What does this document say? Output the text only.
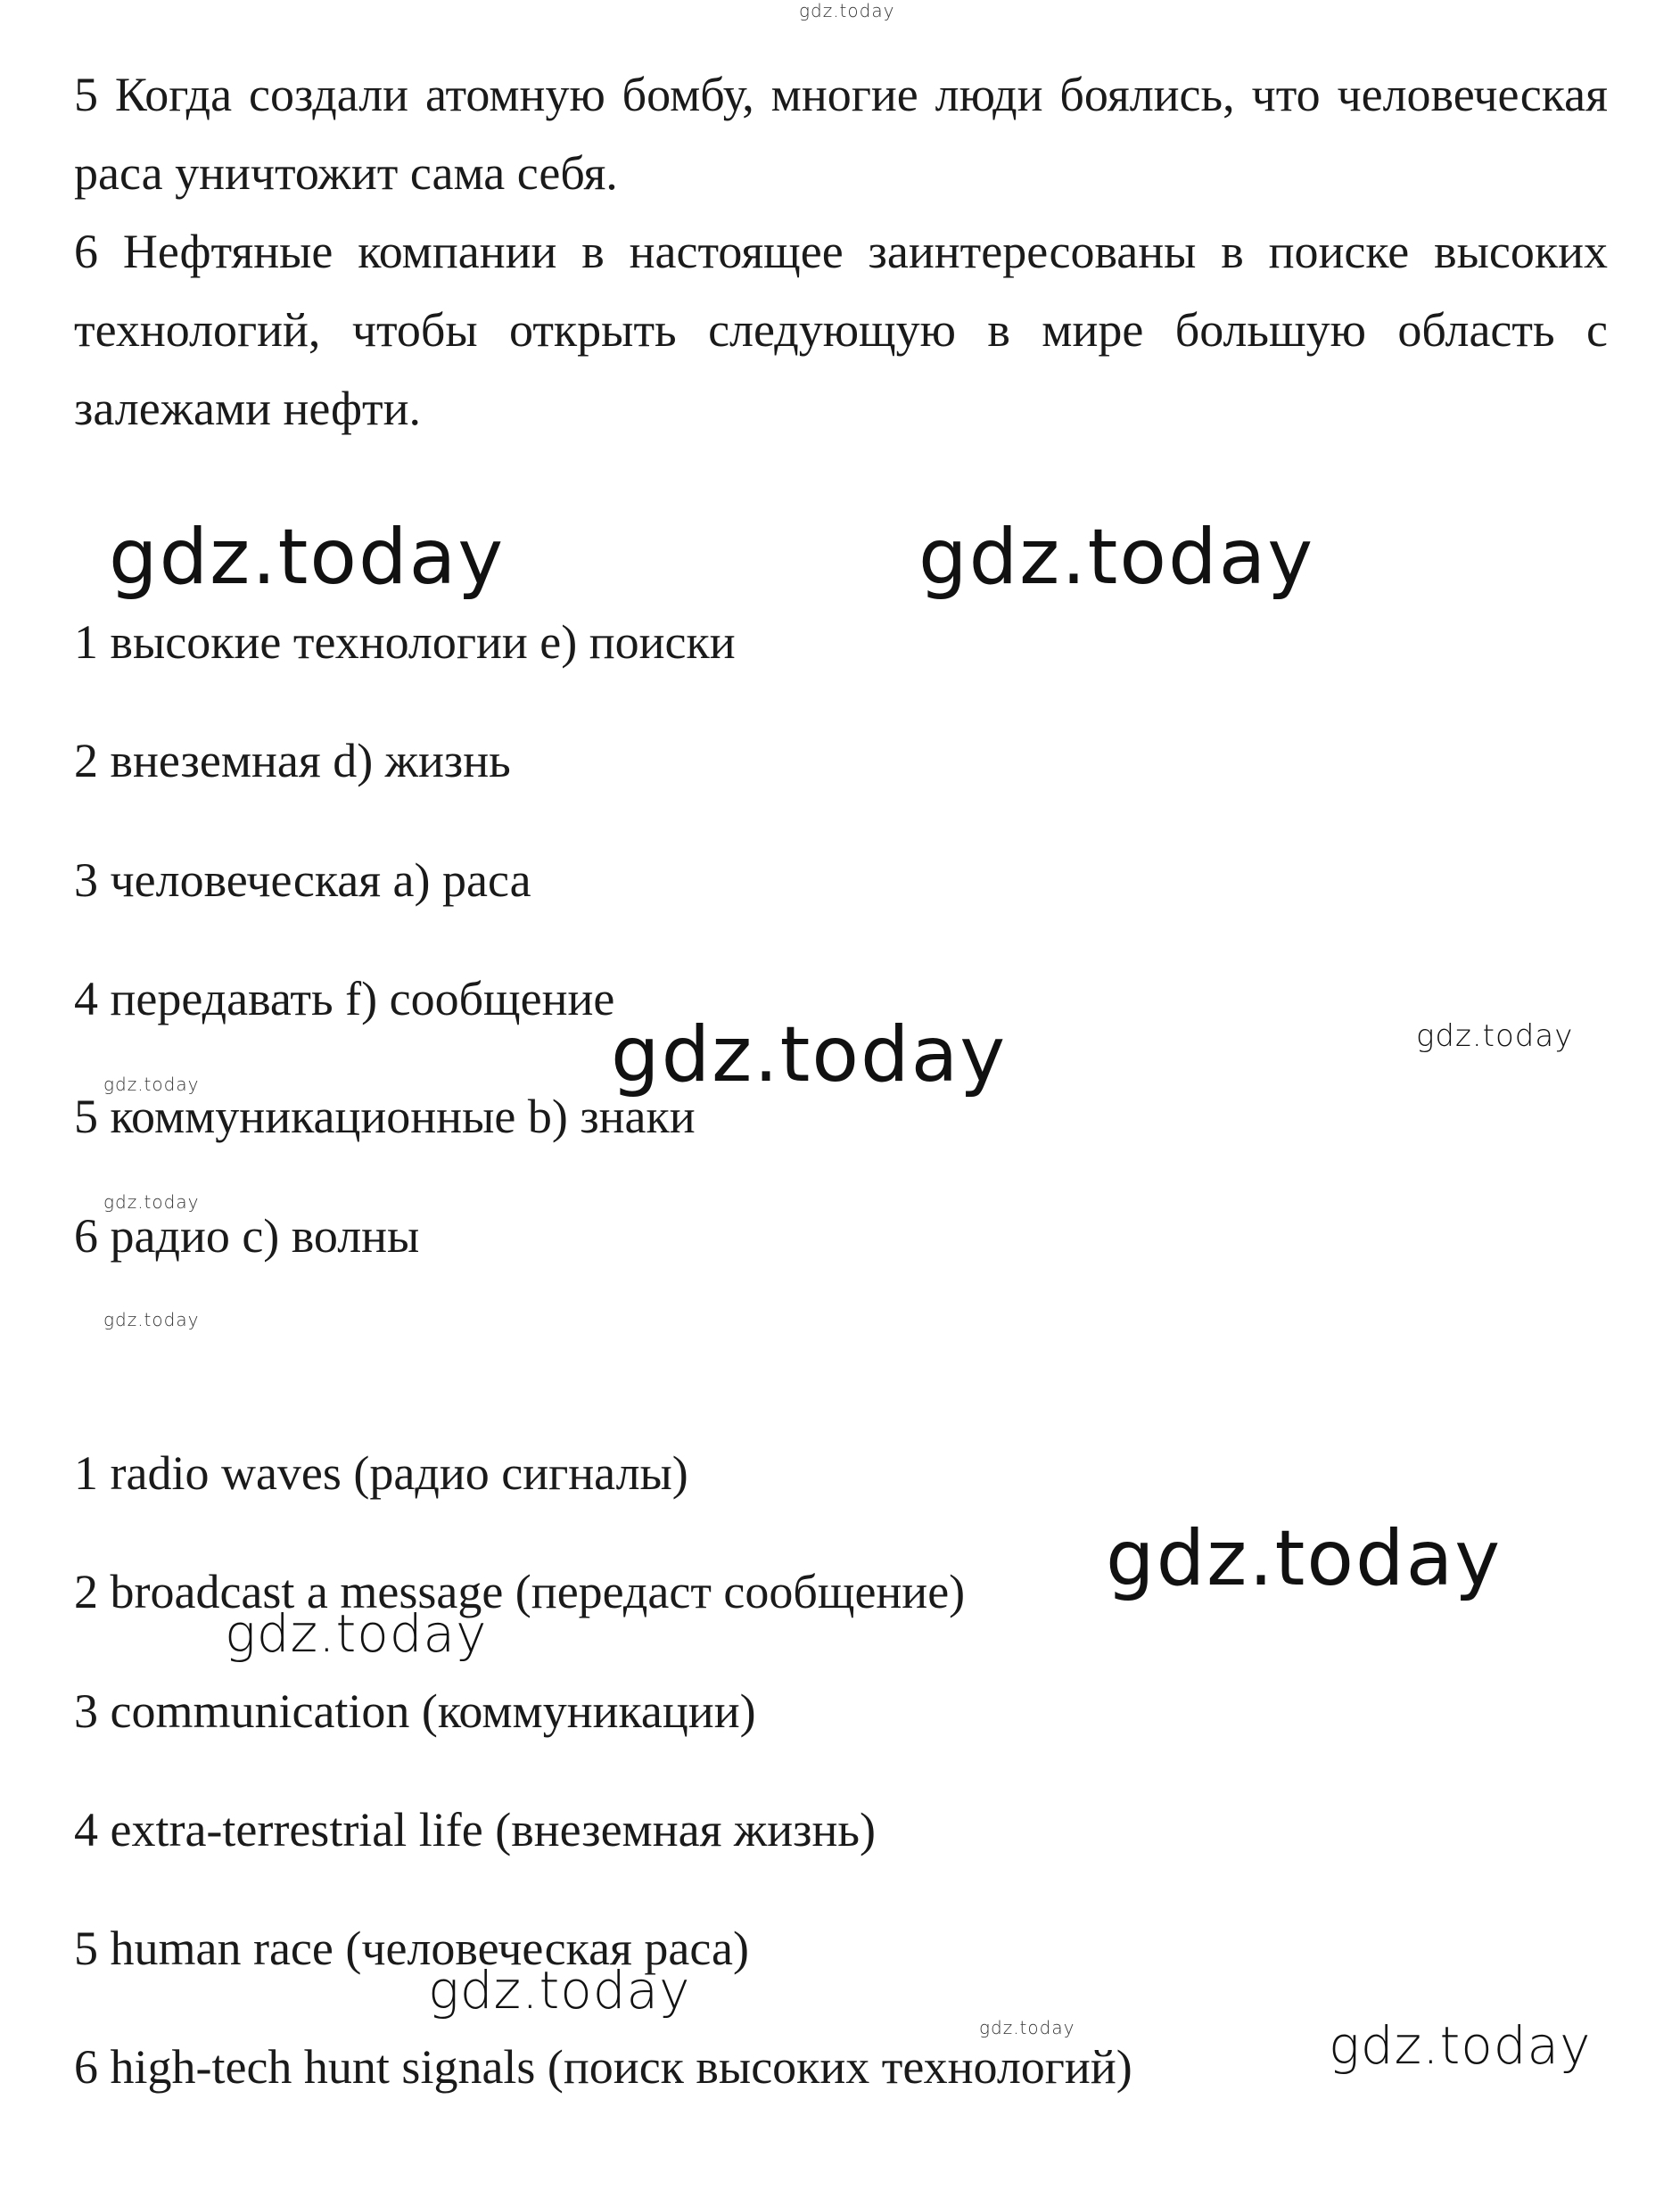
gdz.today

5 Когда создали атомную бомбу, многие люди боялись, что человеческая раса уничтожит сама себя.

6 Нефтяные компании в настоящее заинтересованы в поиске высоких технологий, чтобы открыть следующую в мире большую область с залежами нефти.

gdz.today	gdz.today

1 высокие технологии e) поиски

2 внеземная d) жизнь

3 человеческая a) раса

4 передавать f) сообщение

5 коммуникационные b) знаки

6 радио c) волны

gdz.today	gdz.today
gdz.today
gdz.today
gdz.today

1 radio waves (радио сигналы)

2 broadcast a message (передаст сообщение)

3 communication (коммуникации)

4 extra-terrestrial life (внеземная жизнь)

5 human race (человеческая раса)

6 high-tech hunt signals (поиск высоких технологий)

gdz.today
gdz.today
gdz.today
gdz.today	gdz.today
